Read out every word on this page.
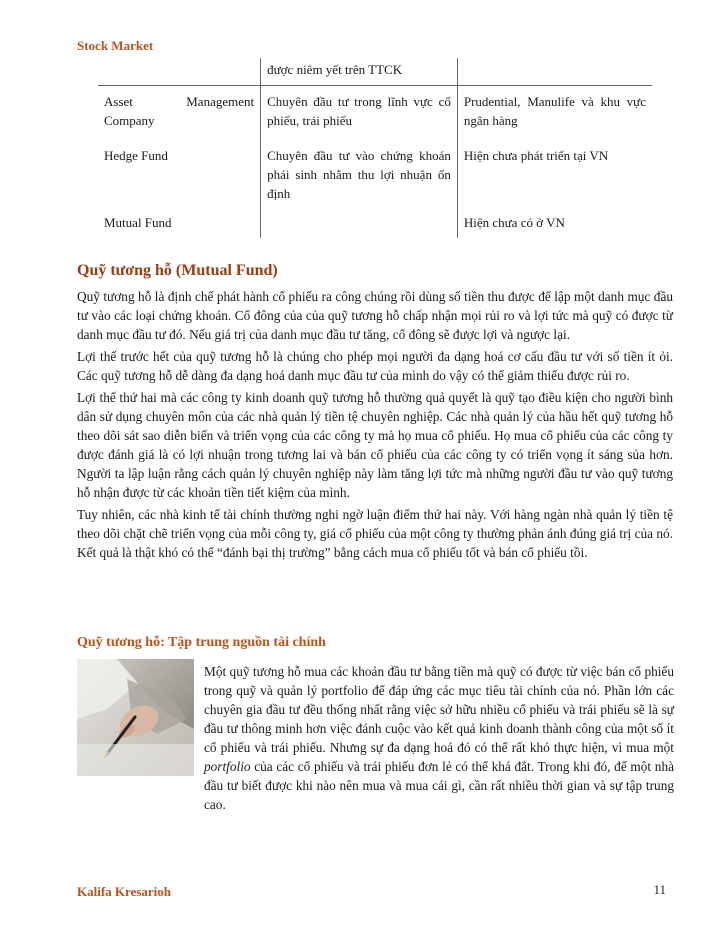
Stock Market
	được niêm yết trên TTCK	
Asset Management Company	Chuyên đầu tư trong lĩnh vực cổ phiếu, trái phiếu	Prudential, Manulife và khu vực ngân hàng
Hedge Fund	Chuyên đầu tư vào chứng khoán phái sinh nhằm thu lợi nhuận ổn định	Hiện chưa phát triển tại VN
Mutual Fund		Hiện chưa có ở VN
Quỹ tương hỗ (Mutual Fund)

Quỹ tương hỗ là định chế phát hành cổ phiếu ra công chúng rồi dùng số tiền thu được để lập một danh mục đầu tư vào các loại chứng khoán. Cổ đông của của quỹ tương hỗ chấp nhận mọi rủi ro và lợi tức mà quỹ có được từ danh mục đầu tư đó. Nếu giá trị của danh mục đầu tư tăng, cổ đông sẽ được lợi và ngược lại.

Lợi thế trước hết của quỹ tương hỗ là chúng cho phép mọi người đa dạng hoá cơ cấu đầu tư với số tiền ít ỏi. Các quỹ tương hỗ dễ dàng đa dạng hoá danh mục đầu tư của mình do vậy có thể giảm thiểu được rủi ro.

Lợi thế thứ hai mà các công ty kinh doanh quỹ tương hỗ thường quả quyết là quỹ tạo điều kiện cho người bình dân sử dụng chuyên môn của các nhà quản lý tiền tệ chuyên nghiệp. Các nhà quản lý của hầu hết quỹ tương hỗ theo dõi sát sao diễn biến và triển vọng của các công ty mà họ mua cổ phiếu. Họ mua cổ phiếu của các công ty được đánh giá là có lợi nhuận trong tương lai và bán cổ phiếu của các công ty có triển vọng ít sáng sủa hơn. Người ta lập luận rằng cách quản lý chuyên nghiệp này làm tăng lợi tức mà những người đầu tư vào quỹ tương hỗ nhận được từ các khoản tiền tiết kiệm của mình.

Tuy nhiên, các nhà kinh tế tài chính thường nghi ngờ luận điểm thứ hai này. Với hàng ngàn nhà quản lý tiền tệ theo dõi chặt chẽ triển vọng của mỗi công ty, giá cổ phiếu của một công ty thường phản ánh đúng giá trị của nó. Kết quả là thật khó có thể “đánh bại thị trường” bằng cách mua cổ phiếu tốt và bán cổ phiếu tồi.

Quỹ tương hỗ: Tập trung nguồn tài chính
Một quỹ tương hỗ mua các khoản đầu tư bằng tiền mà quỹ có được từ việc bán cổ phiếu trong quỹ và quản lý portfolio để đáp ứng các mục tiêu tài chính của nó. Phần lớn các chuyên gia đầu tư đều thống nhất rằng việc sở hữu nhiều cổ phiếu và trái phiếu sẽ là sự đầu tư thông minh hơn việc đánh cuộc vào kết quả kinh doanh thành công của một số ít cổ phiếu và trái phiếu. Nhưng sự đa dạng hoá đó có thể rất khó thực hiện, vì mua một portfolio của các cổ phiếu và trái phiếu đơn lẻ có thể khá đắt. Trong khi đó, để một nhà đầu tư biết được khi nào nên mua và mua cái gì, cần rất nhiều thời gian và sự tập trung cao.
Kalifa Kresarioh	11
